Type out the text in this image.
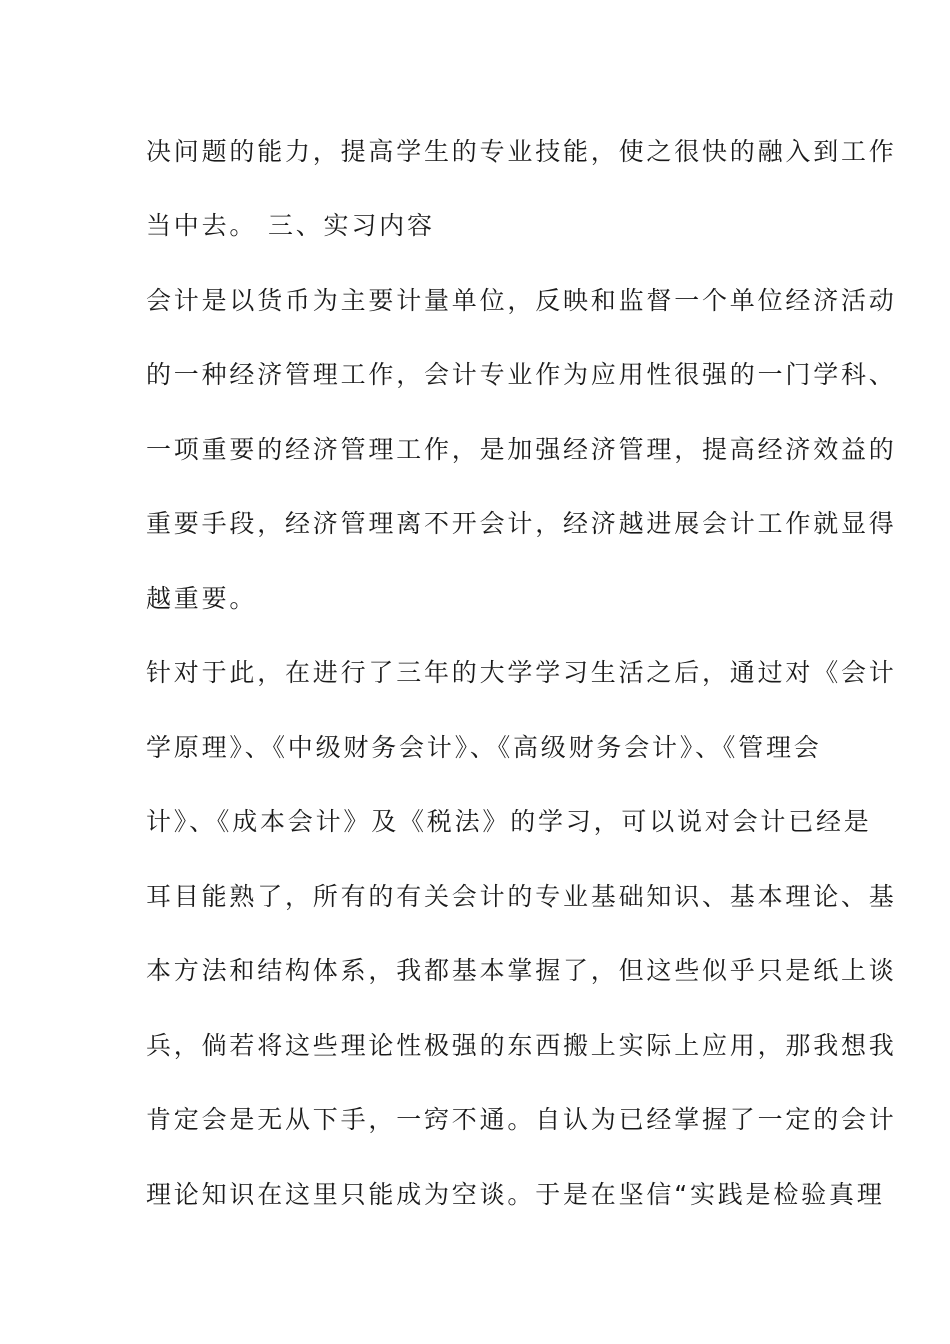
决问题的能力，提高学生的专业技能，使之很快的融入到工作
当中去。 三、实习内容
会计是以货币为主要计量单位，反映和监督一个单位经济活动
的一种经济管理工作，会计专业作为应用性很强的一门学科、
一项重要的经济管理工作，是加强经济管理，提高经济效益的
重要手段，经济管理离不开会计，经济越进展会计工作就显得
越重要。
针对于此，在进行了三年的大学学习生活之后，通过对《会计
学原理》、《中级财务会计》、《高级财务会计》、《管理会
计》、《成本会计》及《税法》的学习，可以说对会计已经是
耳目能熟了，所有的有关会计的专业基础知识、基本理论、基
本方法和结构体系，我都基本掌握了，但这些似乎只是纸上谈
兵，倘若将这些理论性极强的东西搬上实际上应用，那我想我
肯定会是无从下手，一窍不通。自认为已经掌握了一定的会计
理论知识在这里只能成为空谈。于是在坚信“实践是检验真理
